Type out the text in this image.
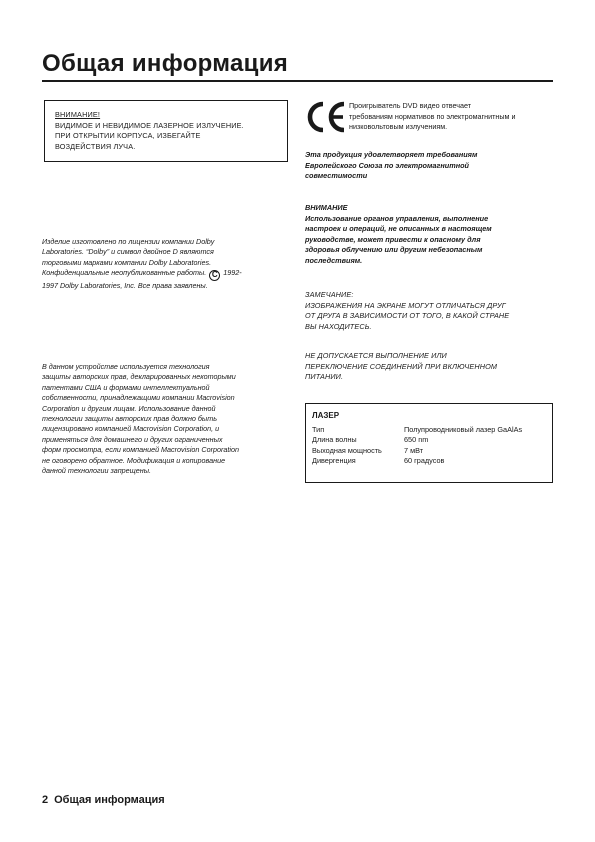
Общая информация
ВНИМАНИЕ!
ВИДИМОЕ И НЕВИДИМОЕ ЛАЗЕРНОЕ ИЗЛУЧЕНИЕ.
ПРИ ОТКРЫТИИ КОРПУСА, ИЗБЕГАЙТЕ
ВОЗДЕЙСТВИЯ ЛУЧА.
Изделие изготовлено по лицензии компании Dolby
Laboratories. “Dolby” и символ двойное D являются
торговыми марками компании Dolby Laboratories.
Конфиденциальные неопубликованные работы. C 1992-
1997 Dolby Laboratories, Inc. Все права заявлены.
В данном устройстве используется технология
защиты авторских прав, декларированных некоторыми
патентами США и формами интеллектуальной
собственности, принадлежащими компании Macrovision
Corporation и другим лицам. Использование данной
технологии защиты авторских прав должно быть
лицензировано компанией Macrovision Corporation, и
применяться для домашнего и других ограниченных
форм просмотра, если компанией Macrovision Corporation
не оговорено обратное. Модификация и копирование
данной технологии запрещены.
Проигрыватель DVD видео отвечает
требованиям нормативов по электромагнитным и
низковольтовым излучениям.
Эта продукция удовлетворяет требованиям
Европейского Союза по электромагнитной
совместимости
ВНИМАНИЕ
Использование органов управления, выполнение
настроек и операций, не описанных в настоящем
руководстве, может привести к опасному для
здоровья облучению или другим небезопасным
последствиям.
ЗАМЕЧАНИЕ:
ИЗОБРАЖЕНИЯ НА ЭКРАНЕ МОГУТ ОТЛИЧАТЬСЯ ДРУГ
ОТ ДРУГА В ЗАВИСИМОСТИ ОТ ТОГО, В КАКОЙ СТРАНЕ
ВЫ НАХОДИТЕСЬ.
НЕ ДОПУСКАЕТСЯ ВЫПОЛНЕНИЕ ИЛИ
ПЕРЕКЛЮЧЕНИЕ СОЕДИНЕНИЙ ПРИ ВКЛЮЧЕННОМ
ПИТАНИИ.
ЛАЗЕР
Тип	Полупроводниковый лазер GaAlAs
Длина волны	650 nm
Выходная мощность	7 мВт
Дивергенция	60 градусов
2 Общая информация
